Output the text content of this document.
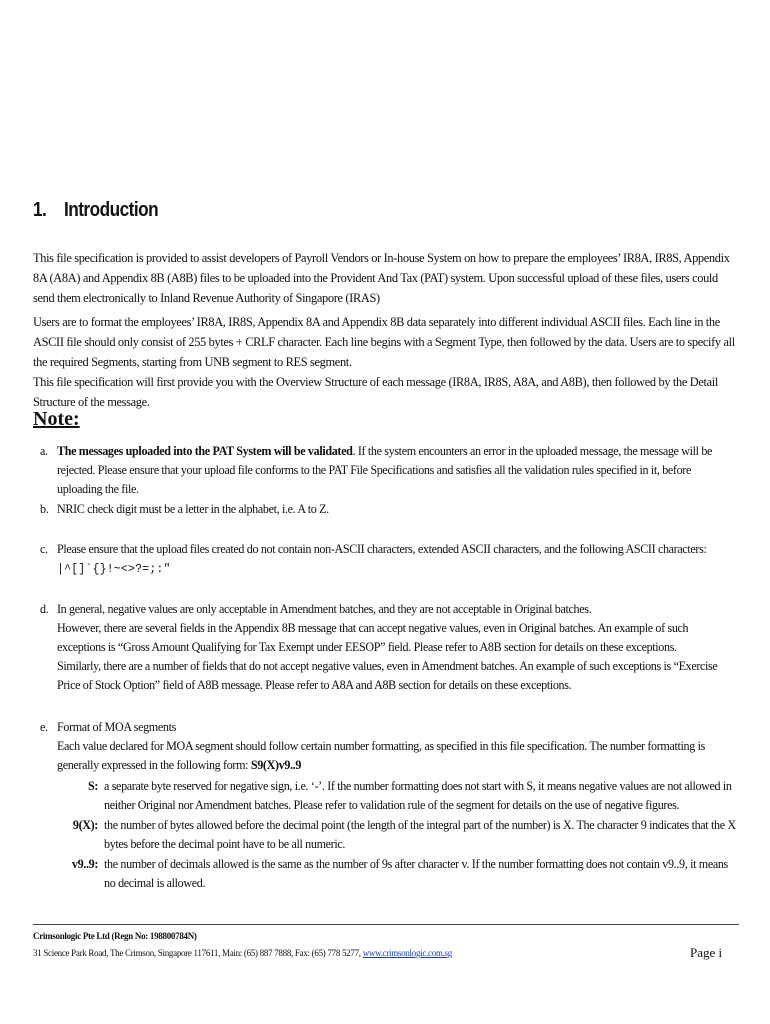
1. Introduction
This file specification is provided to assist developers of Payroll Vendors or In-house System on how to prepare the employees’ IR8A, IR8S, Appendix 8A (A8A) and Appendix 8B (A8B) files to be uploaded into the Provident And Tax (PAT) system. Upon successful upload of these files, users could send them electronically to Inland Revenue Authority of Singapore (IRAS)
Users are to format the employees’ IR8A, IR8S, Appendix 8A and Appendix 8B data separately into different individual ASCII files. Each line in the ASCII file should only consist of 255 bytes + CRLF character. Each line begins with a Segment Type, then followed by the data. Users are to specify all the required Segments, starting from UNB segment to RES segment.
This file specification will first provide you with the Overview Structure of each message (IR8A, IR8S, A8A, and A8B), then followed by the Detail Structure of the message.
Note:
a. The messages uploaded into the PAT System will be validated. If the system encounters an error in the uploaded message, the message will be rejected. Please ensure that your upload file conforms to the PAT File Specifications and satisfies all the validation rules specified in it, before uploading the file.
b. NRIC check digit must be a letter in the alphabet, i.e. A to Z.
c. Please ensure that the upload files created do not contain non-ASCII characters, extended ASCII characters, and the following ASCII characters:
|^[]`{}!~<>?=;:"
d. In general, negative values are only acceptable in Amendment batches, and they are not acceptable in Original batches.
However, there are several fields in the Appendix 8B message that can accept negative values, even in Original batches. An example of such exceptions is “Gross Amount Qualifying for Tax Exempt under EESOP” field. Please refer to A8B section for details on these exceptions.
Similarly, there are a number of fields that do not accept negative values, even in Amendment batches. An example of such exceptions is “Exercise Price of Stock Option” field of A8B message. Please refer to A8A and A8B section for details on these exceptions.
e. Format of MOA segments
Each value declared for MOA segment should follow certain number formatting, as specified in this file specification. The number formatting is generally expressed in the following form: S9(X)v9..9
S: a separate byte reserved for negative sign, i.e. ‘-’. If the number formatting does not start with S, it means negative values are not allowed in neither Original nor Amendment batches. Please refer to validation rule of the segment for details on the use of negative figures.
9(X): the number of bytes allowed before the decimal point (the length of the integral part of the number) is X. The character 9 indicates that the X bytes before the decimal point have to be all numeric.
v9..9: the number of decimals allowed is the same as the number of 9s after character v. If the number formatting does not contain v9..9, it means no decimal is allowed.
Crimsonlogic Pte Ltd (Regn No: 198800784N)
31 Science Park Road, The Crimson, Singapore 117611, Main: (65) 887 7888, Fax: (65) 778 5277, www.crimsonlogic.com.sg	Page i
